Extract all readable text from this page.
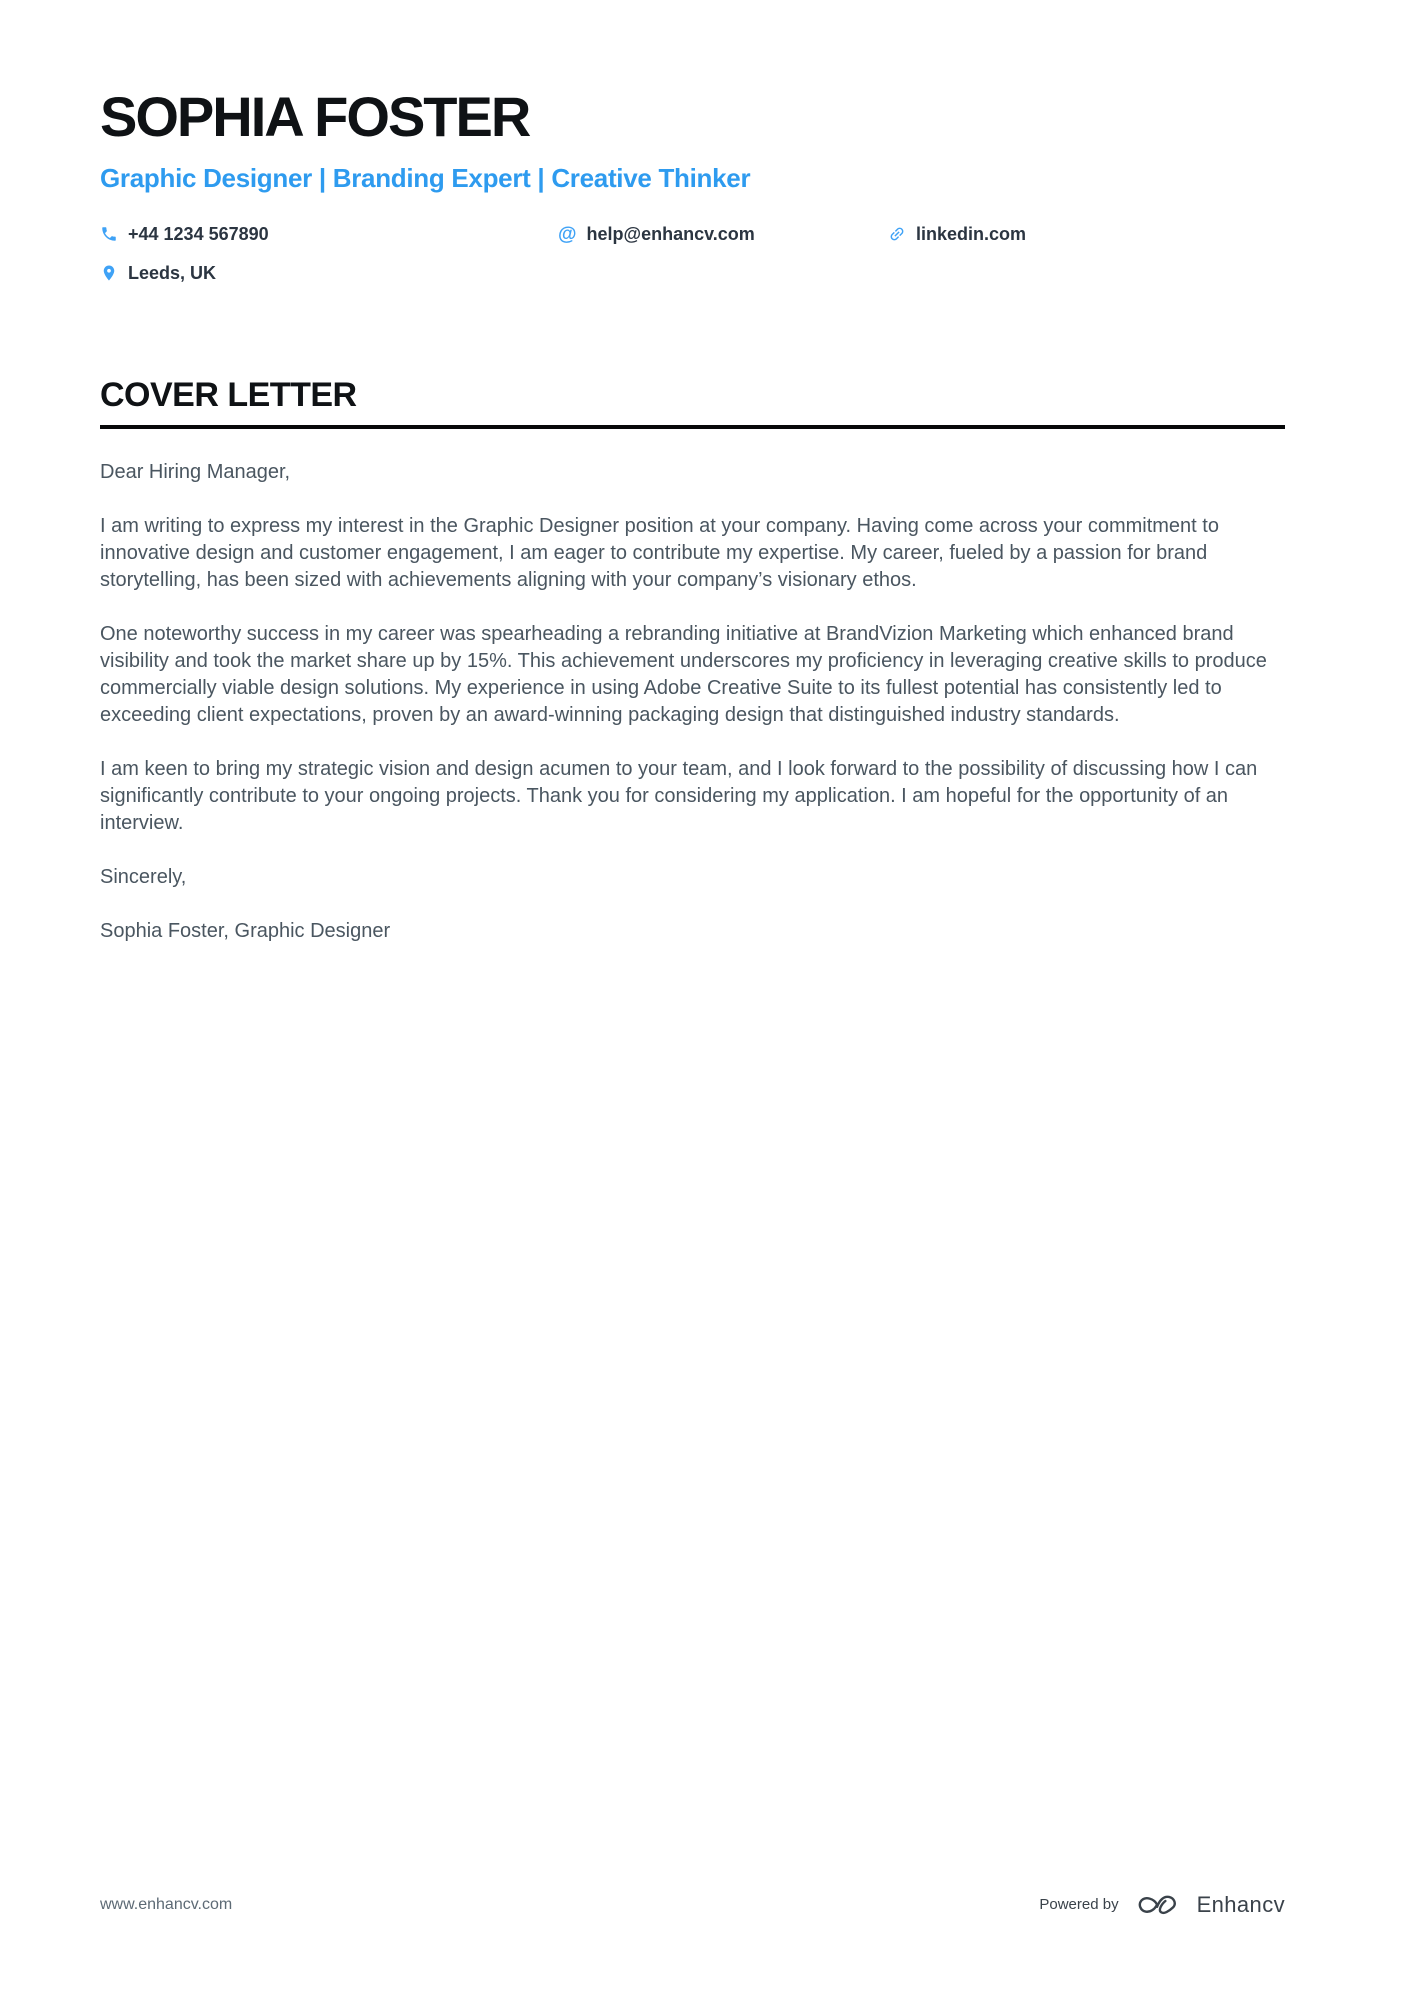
SOPHIA FOSTER
Graphic Designer | Branding Expert | Creative Thinker
+44 1234 567890	@ help@enhancv.com	linkedin.com
Leeds, UK
COVER LETTER

Dear Hiring Manager,

I am writing to express my interest in the Graphic Designer position at your company. Having come across your commitment to innovative design and customer engagement, I am eager to contribute my expertise. My career, fueled by a passion for brand storytelling, has been sized with achievements aligning with your company’s visionary ethos.

One noteworthy success in my career was spearheading a rebranding initiative at BrandVizion Marketing which enhanced brand visibility and took the market share up by 15%. This achievement underscores my proficiency in leveraging creative skills to produce commercially viable design solutions. My experience in using Adobe Creative Suite to its fullest potential has consistently led to exceeding client expectations, proven by an award-winning packaging design that distinguished industry standards.

I am keen to bring my strategic vision and design acumen to your team, and I look forward to the possibility of discussing how I can significantly contribute to your ongoing projects. Thank you for considering my application. I am hopeful for the opportunity of an interview.

Sincerely,

Sophia Foster, Graphic Designer

www.enhancv.com	Powered by	Enhancv
